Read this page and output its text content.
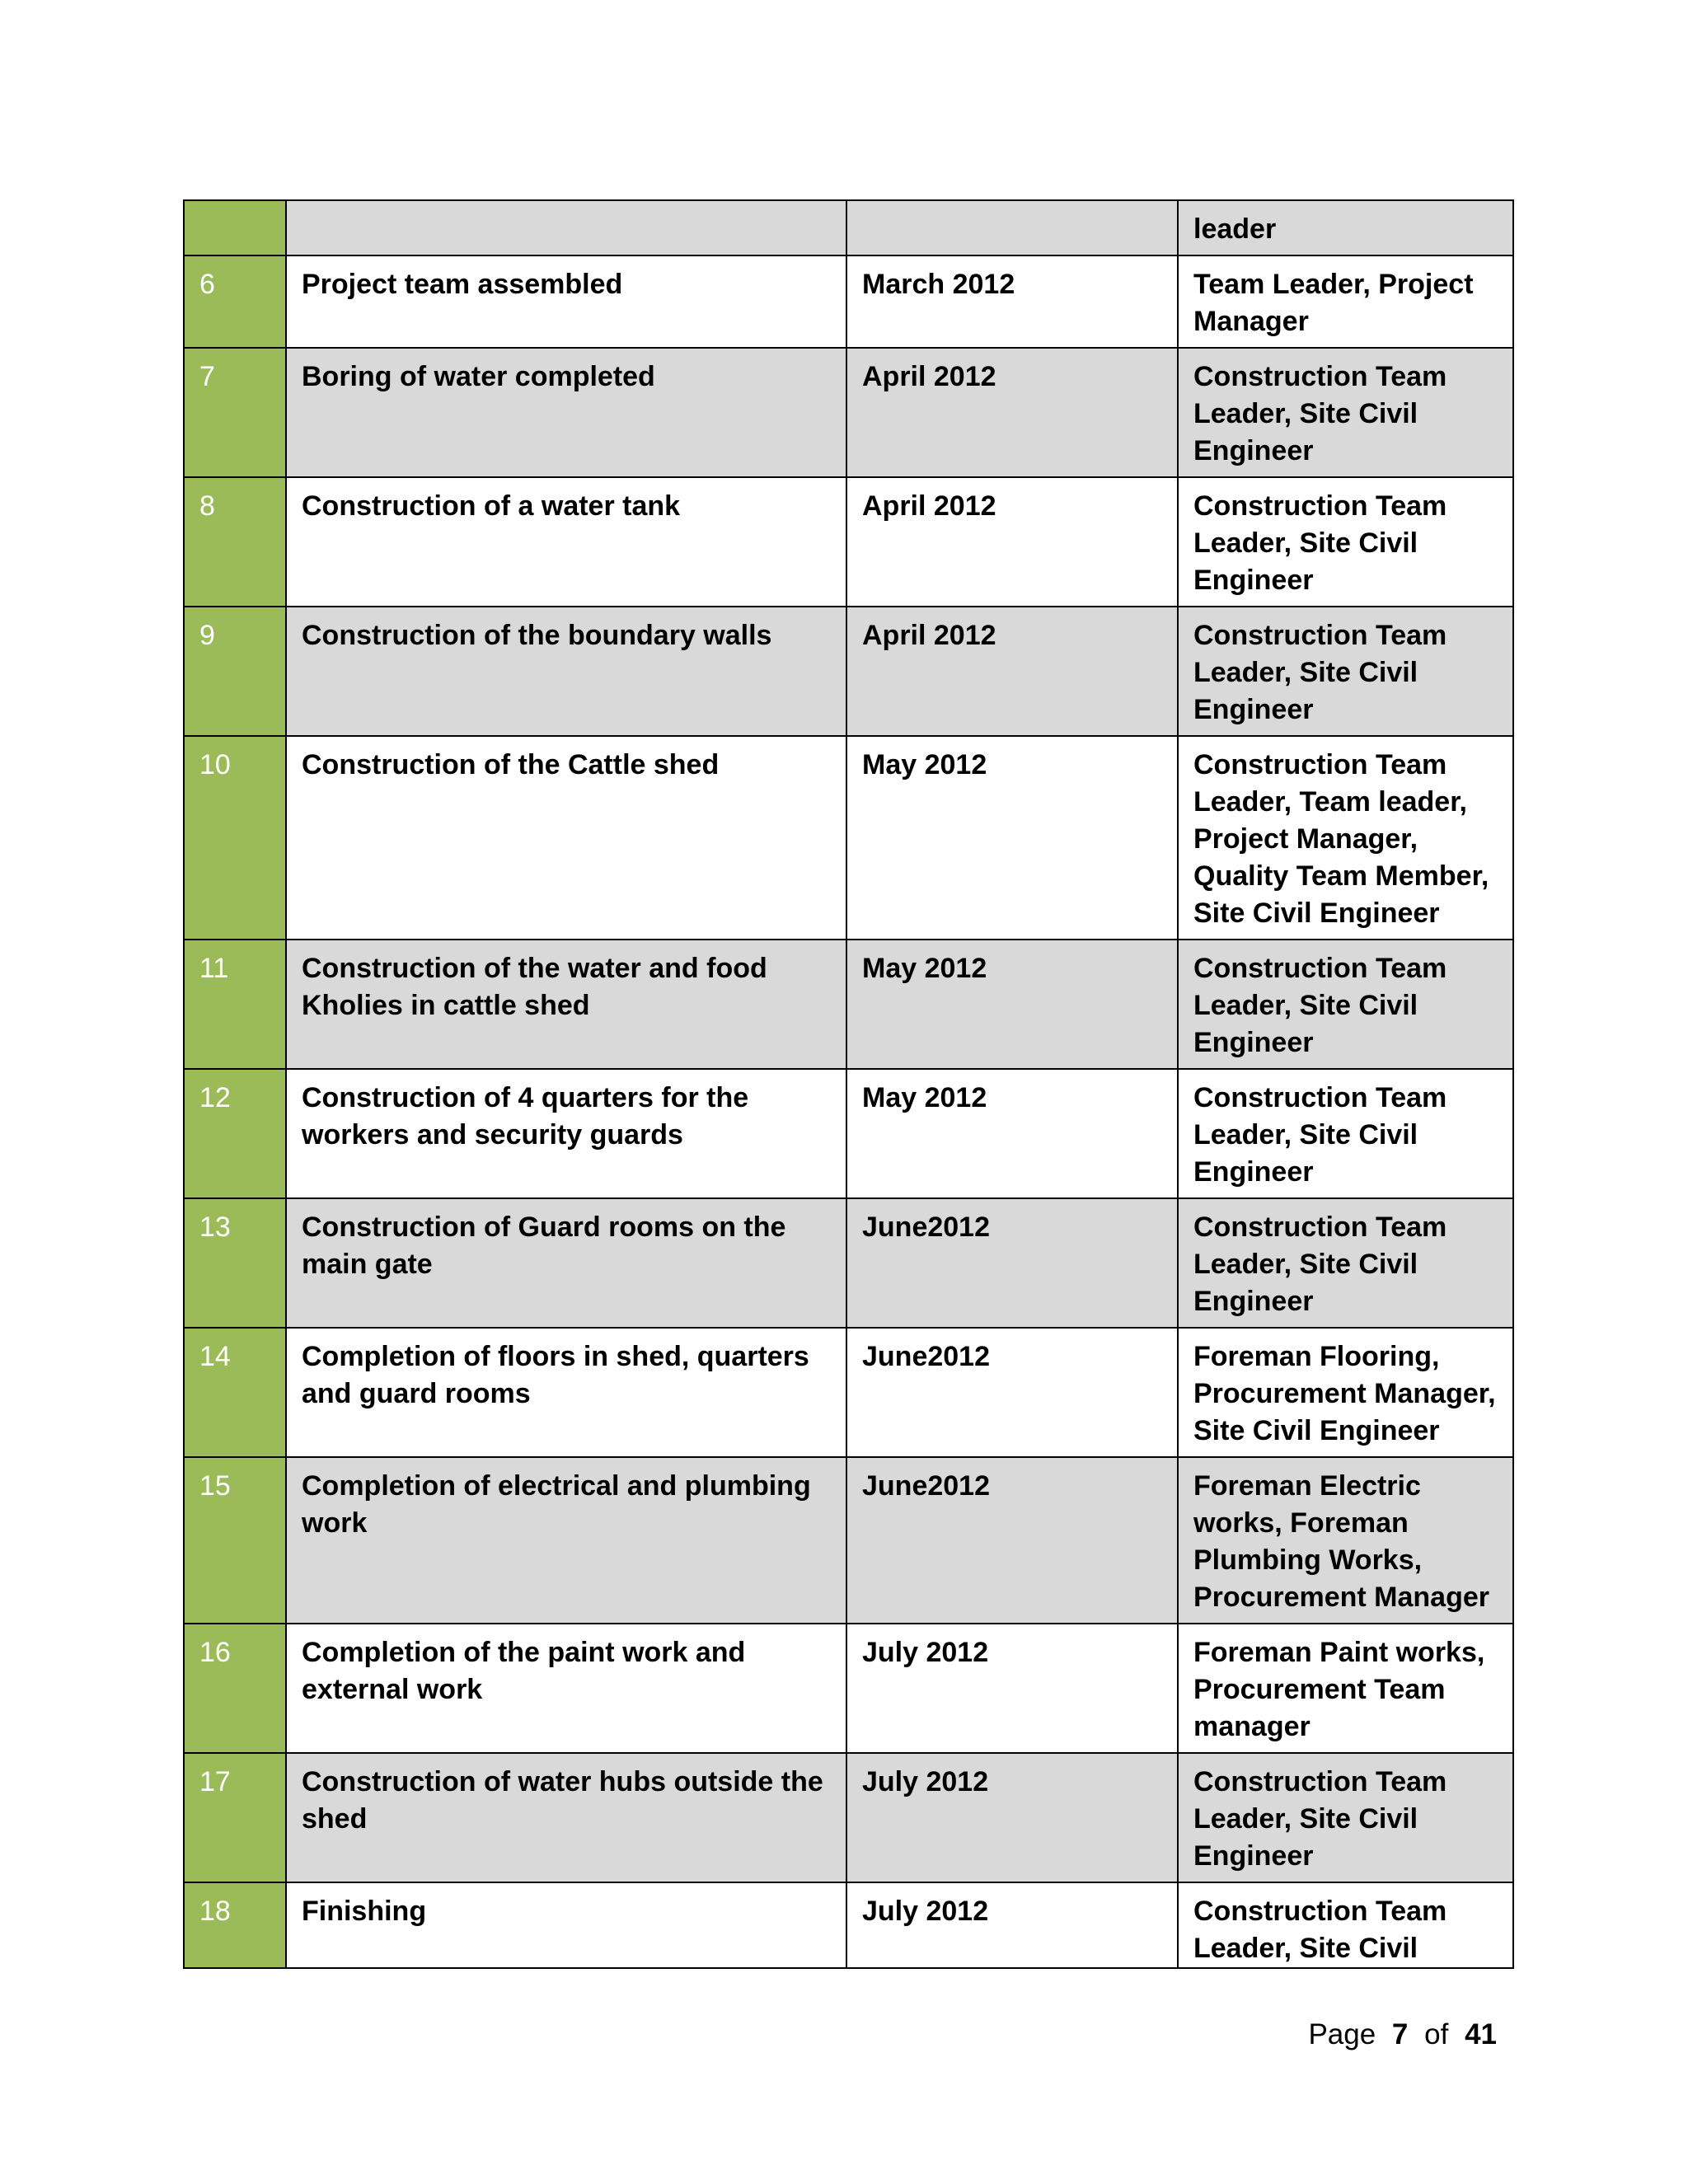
			leader
6	Project team assembled	March 2012	Team Leader, Project Manager
7	Boring of water completed	April 2012	Construction Team Leader, Site Civil Engineer
8	Construction of a water tank	April 2012	Construction Team Leader, Site Civil Engineer
9	Construction of the boundary walls	April 2012	Construction Team Leader, Site Civil Engineer
10	Construction of the Cattle shed	May 2012	Construction Team Leader, Team leader, Project Manager, Quality Team Member, Site Civil Engineer
11	Construction of the water and food Kholies in cattle shed	May 2012	Construction Team Leader, Site Civil Engineer
12	Construction of 4 quarters for the workers and security guards	May 2012	Construction Team Leader, Site Civil Engineer
13	Construction of Guard rooms on the main gate	June2012	Construction Team Leader, Site Civil Engineer
14	Completion of floors in shed, quarters and guard rooms	June2012	Foreman Flooring, Procurement Manager, Site Civil Engineer
15	Completion of electrical and plumbing work	June2012	Foreman Electric works, Foreman Plumbing Works, Procurement Manager
16	Completion of the paint work and external work	July 2012	Foreman Paint works, Procurement Team manager
17	Construction of water hubs outside the shed	July 2012	Construction Team Leader, Site Civil Engineer
18	Finishing	July 2012	Construction Team Leader, Site Civil
Page 7 of 41
